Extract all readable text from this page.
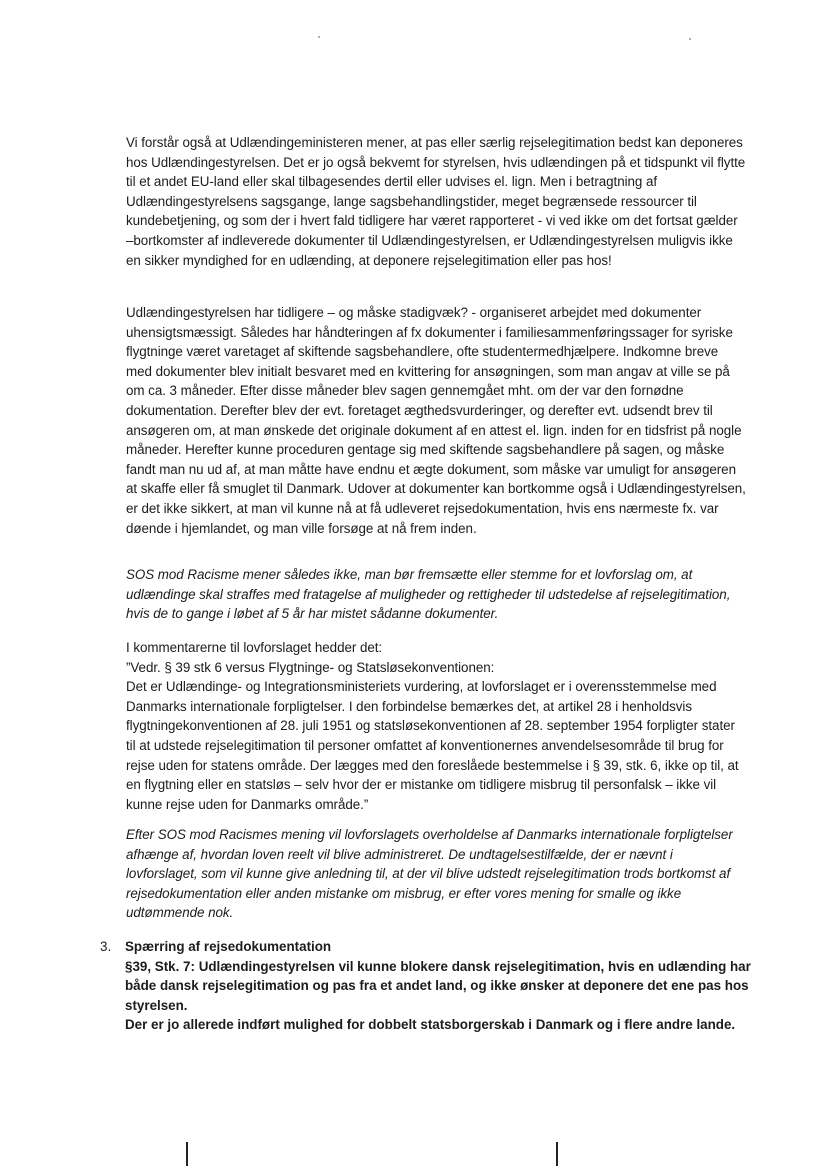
Vi forstår også at Udlændingeministeren mener, at pas eller særlig rejselegitimation bedst kan deponeres hos Udlændingestyrelsen. Det er jo også bekvemt for styrelsen, hvis udlændingen på et tidspunkt vil flytte til et andet EU-land eller skal tilbagesendes dertil eller udvises el. lign. Men i betragtning af Udlændingestyrelsens sagsgange, lange sagsbehandlingstider, meget begrænsede ressourcer til kundebetjening, og som der i hvert fald tidligere har været rapporteret - vi ved ikke om det fortsat gælder –bortkomster af indleverede dokumenter til Udlændingestyrelsen, er Udlændingestyrelsen muligvis ikke en sikker myndighed for en udlænding, at deponere rejselegitimation eller pas hos!

Udlændingestyrelsen har tidligere – og måske stadigvæk? - organiseret arbejdet med dokumenter uhensigtsmæssigt. Således har håndteringen af fx dokumenter i familiesammenføringssager for syriske flygtninge været varetaget af skiftende sagsbehandlere, ofte studentermedhjælpere. Indkomne breve med dokumenter blev initialt besvaret med en kvittering for ansøgningen, som man angav at ville se på om ca. 3 måneder. Efter disse måneder blev sagen gennemgået mht. om der var den fornødne dokumentation. Derefter blev der evt. foretaget ægthedsvurderinger, og derefter evt. udsendt brev til ansøgeren om, at man ønskede det originale dokument af en attest el. lign. inden for en tidsfrist på nogle måneder. Herefter kunne proceduren gentage sig med skiftende sagsbehandlere på sagen, og måske fandt man nu ud af, at man måtte have endnu et ægte dokument, som måske var umuligt for ansøgeren at skaffe eller få smuglet til Danmark. Udover at dokumenter kan bortkomme også i Udlændingestyrelsen, er det ikke sikkert, at man vil kunne nå at få udleveret rejsedokumentation, hvis ens nærmeste fx. var døende i hjemlandet, og man ville forsøge at nå frem inden.

SOS mod Racisme mener således ikke, man bør fremsætte eller stemme for et lovforslag om, at udlændinge skal straffes med fratagelse af muligheder og rettigheder til udstedelse af rejselegitimation, hvis de to gange i løbet af 5 år har mistet sådanne dokumenter.

I kommentarerne til lovforslaget hedder det:

”Vedr. § 39 stk 6 versus Flygtninge- og Statsløsekonventionen:

Det er Udlændinge- og Integrationsministeriets vurdering, at lovforslaget er i overensstemmelse med Danmarks internationale forpligtelser. I den forbindelse bemærkes det, at artikel 28 i henholdsvis flygtningekonventionen af 28. juli 1951 og statsløsekonventionen af 28. september 1954 forpligter stater til at udstede rejselegitimation til personer omfattet af konventionernes anvendelsesområde til brug for rejse uden for statens område. Der lægges med den foreslåede bestemmelse i § 39, stk. 6, ikke op til, at en flygtning eller en statsløs – selv hvor der er mistanke om tidligere misbrug til personfalsk – ikke vil kunne rejse uden for Danmarks område.”

Efter SOS mod Racismes mening vil lovforslagets overholdelse af Danmarks internationale forpligtelser afhænge af, hvordan loven reelt vil blive administreret. De undtagelsestilfælde, der er nævnt i lovforslaget, som vil kunne give anledning til, at der vil blive udstedt rejselegitimation trods bortkomst af rejsedokumentation eller anden mistanke om misbrug, er efter vores mening for smalle og ikke udtømmende nok.

3.	Spærring af rejsedokumentation

§39, Stk. 7: Udlændingestyrelsen vil kunne blokere dansk rejselegitimation, hvis en udlænding har både dansk rejselegitimation og pas fra et andet land, og ikke ønsker at deponere det ene pas hos styrelsen.

Der er jo allerede indført mulighed for dobbelt statsborgerskab i Danmark og i flere andre lande.
